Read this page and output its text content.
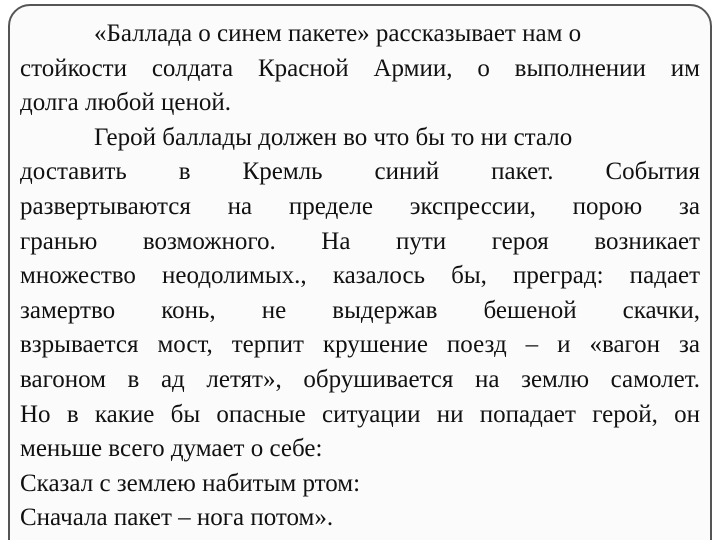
«Баллада о синем пакете» рассказывает нам о
стойкости солдата Красной Армии, о выполнении им
долга любой ценой.
Герой баллады должен во что бы то ни стало
доставить в Кремль синий пакет. События
развертываются на пределе экспрессии, порою за
гранью возможного. На пути героя возникает
множество неодолимых., казалось бы, преград: падает
замертво конь, не выдержав бешеной скачки,
взрывается мост, терпит крушение поезд – и «вагон за
вагоном в ад летят», обрушивается на землю самолет.
Но в какие бы опасные ситуации ни попадает герой, он
меньше всего думает о себе:
Сказал с землею набитым ртом:
Сначала пакет – нога потом».
